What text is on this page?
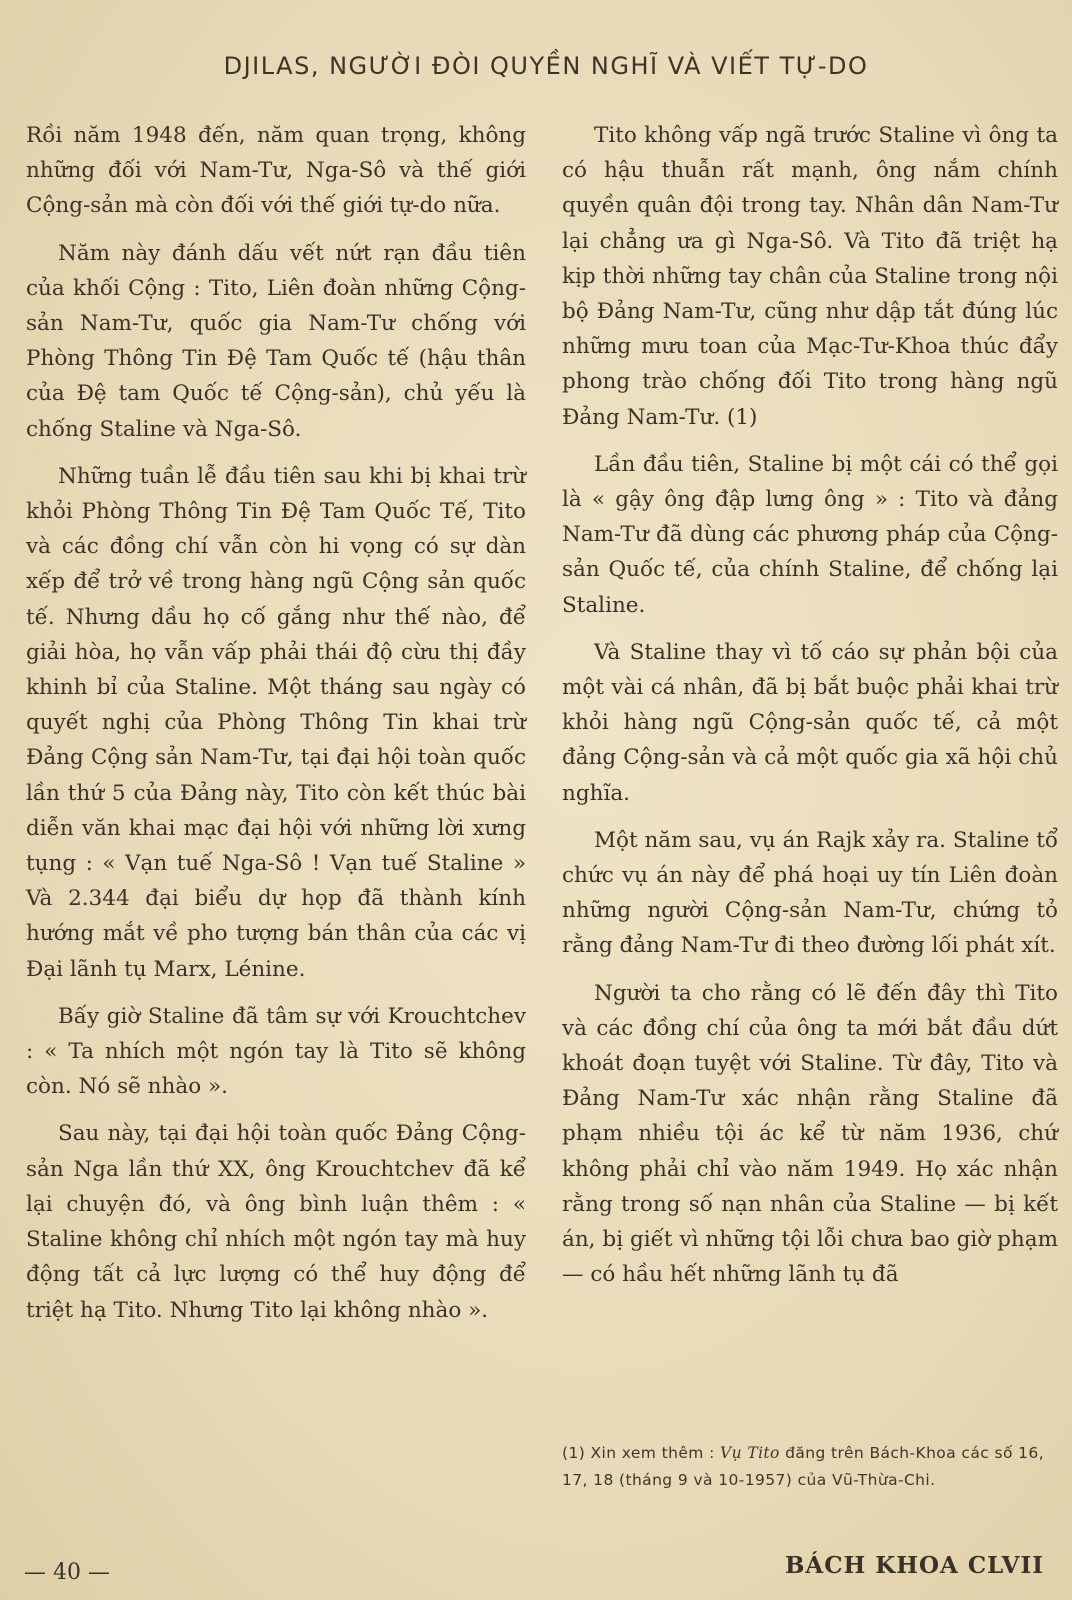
DJILAS, NGƯỜI ĐÒI QUYỀN NGHĨ VÀ VIẾT TỰ-DO

Rồi năm 1948 đến, năm quan trọng, không những đối với Nam-Tư, Nga-Sô và thế giới Cộng-sản mà còn đối với thế giới tự-do nữa.

Năm này đánh dấu vết nứt rạn đầu tiên của khối Cộng : Tito, Liên đoàn những Cộng-sản Nam-Tư, quốc gia Nam-Tư chống với Phòng Thông Tin Đệ Tam Quốc tế (hậu thân của Đệ tam Quốc tế Cộng-sản), chủ yếu là chống Staline và Nga-Sô.

Những tuần lễ đầu tiên sau khi bị khai trừ khỏi Phòng Thông Tin Đệ Tam Quốc Tế, Tito và các đồng chí vẫn còn hi vọng có sự dàn xếp để trở về trong hàng ngũ Cộng sản quốc tế. Nhưng dầu họ cố gắng như thế nào, để giải hòa, họ vẫn vấp phải thái độ cừu thị đầy khinh bỉ của Staline. Một tháng sau ngày có quyết nghị của Phòng Thông Tin khai trừ Đảng Cộng sản Nam-Tư, tại đại hội toàn quốc lần thứ 5 của Đảng này, Tito còn kết thúc bài diễn văn khai mạc đại hội với những lời xưng tụng : « Vạn tuế Nga-Sô ! Vạn tuế Staline » Và 2.344 đại biểu dự họp đã thành kính hướng mắt về pho tượng bán thân của các vị Đại lãnh tụ Marx, Lénine.

Bấy giờ Staline đã tâm sự với Krouchtchev : « Ta nhích một ngón tay là Tito sẽ không còn. Nó sẽ nhào ».

Sau này, tại đại hội toàn quốc Đảng Cộng-sản Nga lần thứ XX, ông Krouchtchev đã kể lại chuyện đó, và ông bình luận thêm : « Staline không chỉ nhích một ngón tay mà huy động tất cả lực lượng có thể huy động để triệt hạ Tito. Nhưng Tito lại không nhào ».

Tito không vấp ngã trước Staline vì ông ta có hậu thuẫn rất mạnh, ông nắm chính quyền quân đội trong tay. Nhân dân Nam-Tư lại chẳng ưa gì Nga-Sô. Và Tito đã triệt hạ kịp thời những tay chân của Staline trong nội bộ Đảng Nam-Tư, cũng như dập tắt đúng lúc những mưu toan của Mạc-Tư-Khoa thúc đẩy phong trào chống đối Tito trong hàng ngũ Đảng Nam-Tư. (1)

Lần đầu tiên, Staline bị một cái có thể gọi là « gậy ông đập lưng ông » : Tito và đảng Nam-Tư đã dùng các phương pháp của Cộng-sản Quốc tế, của chính Staline, để chống lại Staline.

Và Staline thay vì tố cáo sự phản bội của một vài cá nhân, đã bị bắt buộc phải khai trừ khỏi hàng ngũ Cộng-sản quốc tế, cả một đảng Cộng-sản và cả một quốc gia xã hội chủ nghĩa.

Một năm sau, vụ án Rajk xảy ra. Staline tổ chức vụ án này để phá hoại uy tín Liên đoàn những người Cộng-sản Nam-Tư, chứng tỏ rằng đảng Nam-Tư đi theo đường lối phát xít.

Người ta cho rằng có lẽ đến đây thì Tito và các đồng chí của ông ta mới bắt đầu dứt khoát đoạn tuyệt với Staline. Từ đây, Tito và Đảng Nam-Tư xác nhận rằng Staline đã phạm nhiều tội ác kể từ năm 1936, chứ không phải chỉ vào năm 1949. Họ xác nhận rằng trong số nạn nhân của Staline — bị kết án, bị giết vì những tội lỗi chưa bao giờ phạm — có hầu hết những lãnh tụ đã

(1) Xin xem thêm : Vụ Tito đăng trên Bách-Khoa các số 16, 17, 18 (tháng 9 và 10-1957) của Vũ-Thừa-Chi.
— 40 —	BÁCH KHOA CLVII
